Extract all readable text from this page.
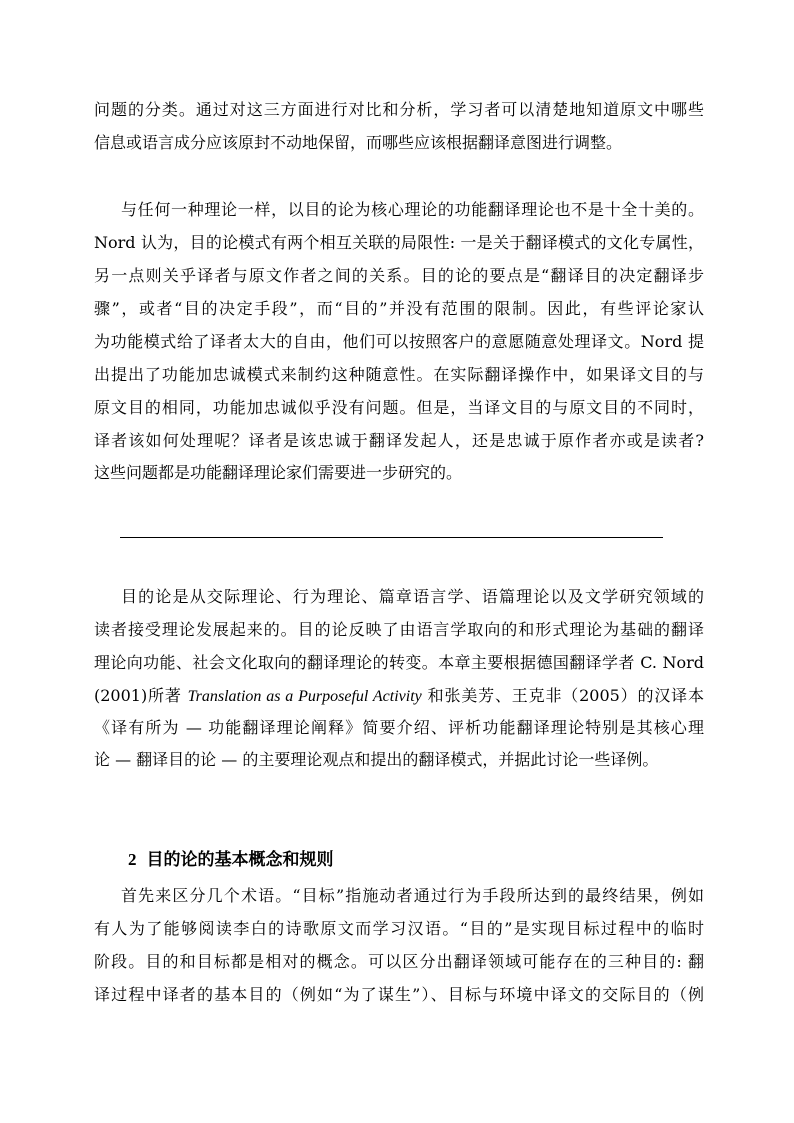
问题的分类。通过对这三方面进行对比和分析，学习者可以清楚地知道原文中哪些
信息或语言成分应该原封不动地保留，而哪些应该根据翻译意图进行调整。
与任何一种理论一样，以目的论为核心理论的功能翻译理论也不是十全十美的。
Nord 认为，目的论模式有两个相互关联的局限性: 一是关于翻译模式的文化专属性，
另一点则关乎译者与原文作者之间的关系。目的论的要点是“翻译目的决定翻译步
骤”，或者“目的决定手段”，而“目的”并没有范围的限制。因此，有些评论家认
为功能模式给了译者太大的自由，他们可以按照客户的意愿随意处理译文。Nord 提
出提出了功能加忠诚模式来制约这种随意性。在实际翻译操作中，如果译文目的与
原文目的相同，功能加忠诚似乎没有问题。但是，当译文目的与原文目的不同时，
译者该如何处理呢？译者是该忠诚于翻译发起人，还是忠诚于原作者亦或是读者?
这些问题都是功能翻译理论家们需要进一步研究的。
目的论是从交际理论、行为理论、篇章语言学、语篇理论以及文学研究领域的
读者接受理论发展起来的。目的论反映了由语言学取向的和形式理论为基础的翻译
理论向功能、社会文化取向的翻译理论的转变。本章主要根据德国翻译学者 C. Nord
(2001)所著 Translation as a Purposeful Activity 和张美芳、王克非（2005）的汉译本
《译有所为 — 功能翻译理论阐释》简要介绍、评析功能翻译理论特别是其核心理
论 — 翻译目的论 — 的主要理论观点和提出的翻译模式，并据此讨论一些译例。
2 目的论的基本概念和规则
首先来区分几个术语。“目标”指施动者通过行为手段所达到的最终结果，例如
有人为了能够阅读李白的诗歌原文而学习汉语。“目的”是实现目标过程中的临时
阶段。目的和目标都是相对的概念。可以区分出翻译领域可能存在的三种目的: 翻
译过程中译者的基本目的（例如“为了谋生”）、目标与环境中译文的交际目的（例
